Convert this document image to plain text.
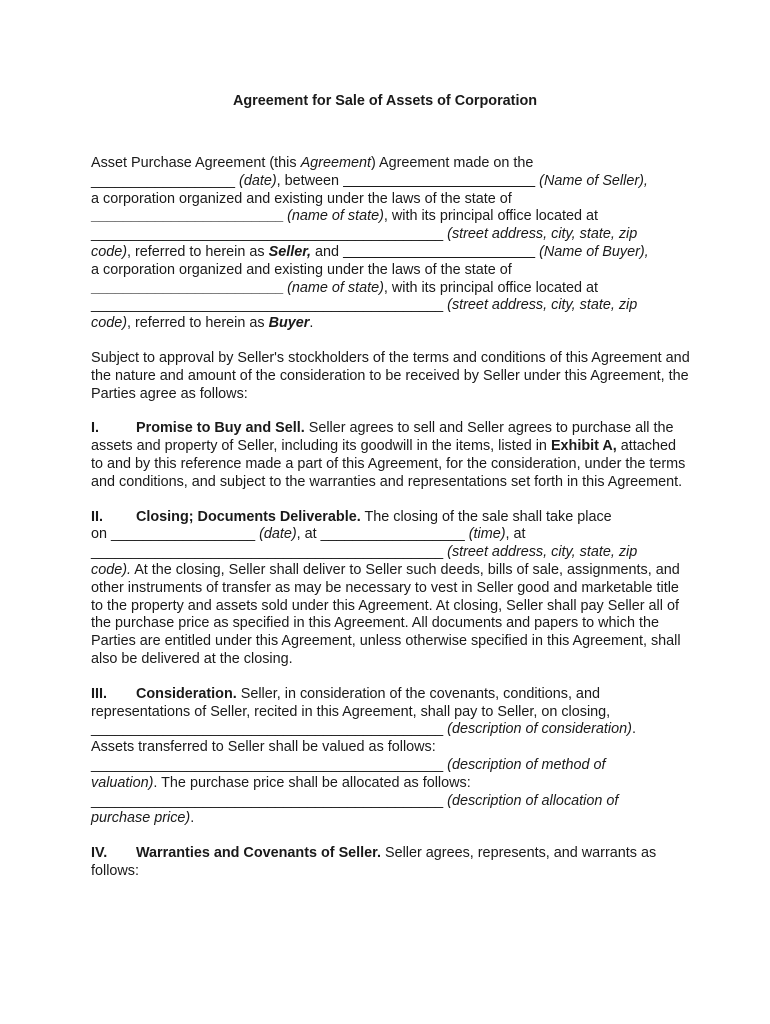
Agreement for Sale of Assets of Corporation

Asset Purchase Agreement (this Agreement) Agreement made on the
__________________ (date), between ________________________ (Name of Seller),
a corporation organized and existing under the laws of the state of
________________________ (name of state), with its principal office located at
____________________________________________ (street address, city, state, zip
code), referred to herein as Seller, and ________________________ (Name of Buyer),
a corporation organized and existing under the laws of the state of
________________________ (name of state), with its principal office located at
____________________________________________ (street address, city, state, zip
code), referred to herein as Buyer.

Subject to approval by Seller's stockholders of the terms and conditions of this Agreement and the nature and amount of the consideration to be received by Seller under this Agreement, the Parties agree as follows:

I.	Promise to Buy and Sell. Seller agrees to sell and Seller agrees to purchase all the assets and property of Seller, including its goodwill in the items, listed in Exhibit A, attached to and by this reference made a part of this Agreement, for the consideration, under the terms and conditions, and subject to the warranties and representations set forth in this Agreement.

II. Closing; Documents Deliverable. The closing of the sale shall take place
on __________________ (date), at __________________ (time), at
____________________________________________ (street address, city, state, zip
code). At the closing, Seller shall deliver to Seller such deeds, bills of sale, assignments, and other instruments of transfer as may be necessary to vest in Seller good and marketable title to the property and assets sold under this Agreement. At closing, Seller shall pay Seller all of the purchase price as specified in this Agreement. All documents and papers to which the Parties are entitled under this Agreement, unless otherwise specified in this Agreement, shall also be delivered at the closing.

III. Consideration. Seller, in consideration of the covenants, conditions, and representations of Seller, recited in this Agreement, shall pay to Seller, on closing,
____________________________________________ (description of consideration).
Assets transferred to Seller shall be valued as follows:
____________________________________________ (description of method of
valuation). The purchase price shall be allocated as follows:
____________________________________________ (description of allocation of
purchase price).

IV. Warranties and Covenants of Seller. Seller agrees, represents, and warrants as follows:
